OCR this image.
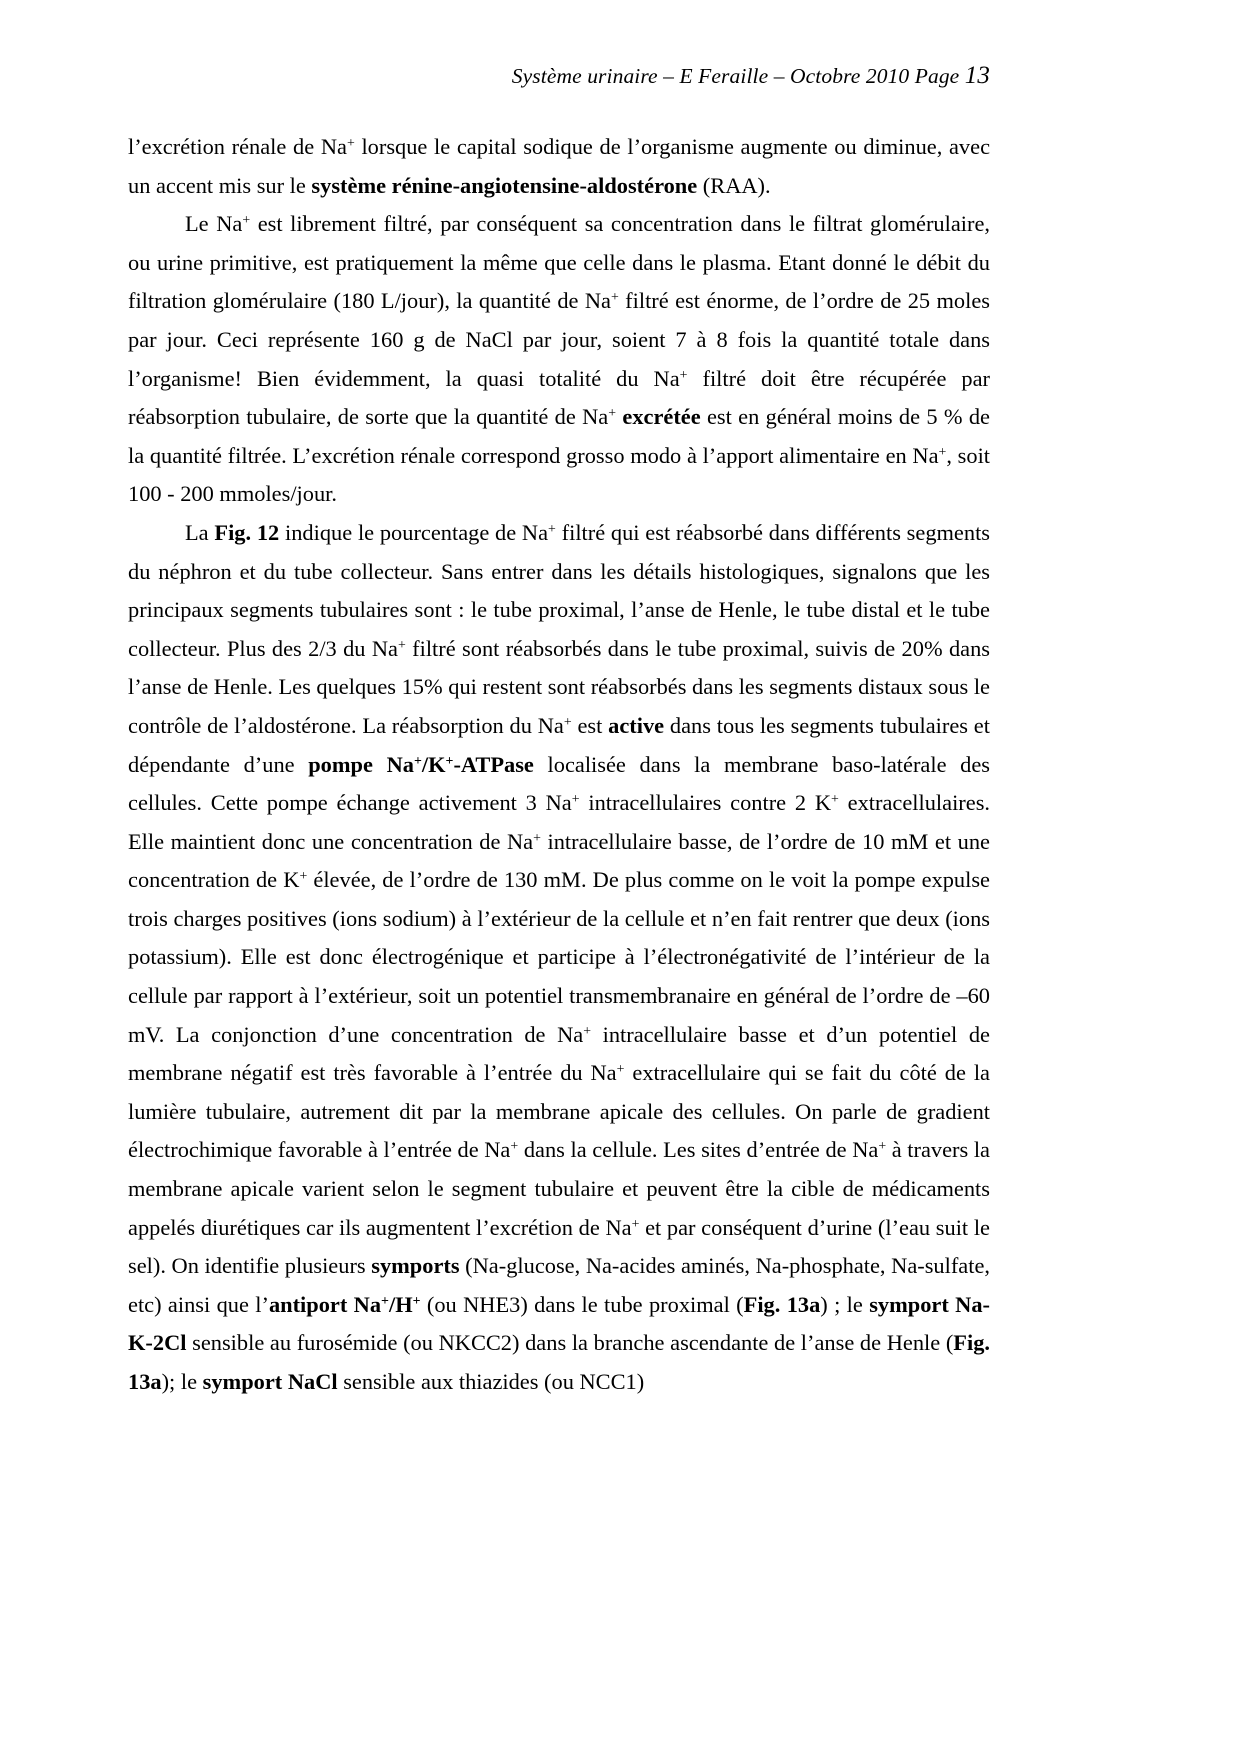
Système urinaire – E Feraille – Octobre 2010 Page 13

l’excrétion rénale de Na+ lorsque le capital sodique de l’organisme augmente ou diminue, avec un accent mis sur le système rénine-angiotensine-aldostérone (RAA).

Le Na+ est librement filtré, par conséquent sa concentration dans le filtrat glomérulaire, ou urine primitive, est pratiquement la même que celle dans le plasma. Etant donné le débit du filtration glomérulaire (180 L/jour), la quantité de Na+ filtré est énorme, de l’ordre de 25 moles par jour. Ceci représente 160 g de NaCl par jour, soient 7 à 8 fois la quantité totale dans l’organisme! Bien évidemment, la quasi totalité du Na+ filtré doit être récupérée par réabsorption tubulaire, de sorte que la quantité de Na+ excrétée est en général moins de 5 % de la quantité filtrée. L’excrétion rénale correspond grosso modo à l’apport alimentaire en Na+, soit 100 - 200 mmoles/jour.

La Fig. 12 indique le pourcentage de Na+ filtré qui est réabsorbé dans différents segments du néphron et du tube collecteur. Sans entrer dans les détails histologiques, signalons que les principaux segments tubulaires sont : le tube proximal, l’anse de Henle, le tube distal et le tube collecteur. Plus des 2/3 du Na+ filtré sont réabsorbés dans le tube proximal, suivis de 20% dans l’anse de Henle. Les quelques 15% qui restent sont réabsorbés dans les segments distaux sous le contrôle de l’aldostérone. La réabsorption du Na+ est active dans tous les segments tubulaires et dépendante d’une pompe Na+/K+-ATPase localisée dans la membrane baso-latérale des cellules. Cette pompe échange activement 3 Na+ intracellulaires contre 2 K+ extracellulaires. Elle maintient donc une concentration de Na+ intracellulaire basse, de l’ordre de 10 mM et une concentration de K+ élevée, de l’ordre de 130 mM. De plus comme on le voit la pompe expulse trois charges positives (ions sodium) à l’extérieur de la cellule et n’en fait rentrer que deux (ions potassium). Elle est donc électrogénique et participe à l’électronégativité de l’intérieur de la cellule par rapport à l’extérieur, soit un potentiel transmembranaire en général de l’ordre de –60 mV. La conjonction d’une concentration de Na+ intracellulaire basse et d’un potentiel de membrane négatif est très favorable à l’entrée du Na+ extracellulaire qui se fait du côté de la lumière tubulaire, autrement dit par la membrane apicale des cellules. On parle de gradient électrochimique favorable à l’entrée de Na+ dans la cellule. Les sites d’entrée de Na+ à travers la membrane apicale varient selon le segment tubulaire et peuvent être la cible de médicaments appelés diurétiques car ils augmentent l’excrétion de Na+ et par conséquent d’urine (l’eau suit le sel). On identifie plusieurs symports (Na-glucose, Na-acides aminés, Na-phosphate, Na-sulfate, etc) ainsi que l’antiport Na+/H+ (ou NHE3) dans le tube proximal (Fig. 13a) ; le symport Na-K-2Cl sensible au furosémide (ou NKCC2) dans la branche ascendante de l’anse de Henle (Fig. 13a); le symport NaCl sensible aux thiazides (ou NCC1)
